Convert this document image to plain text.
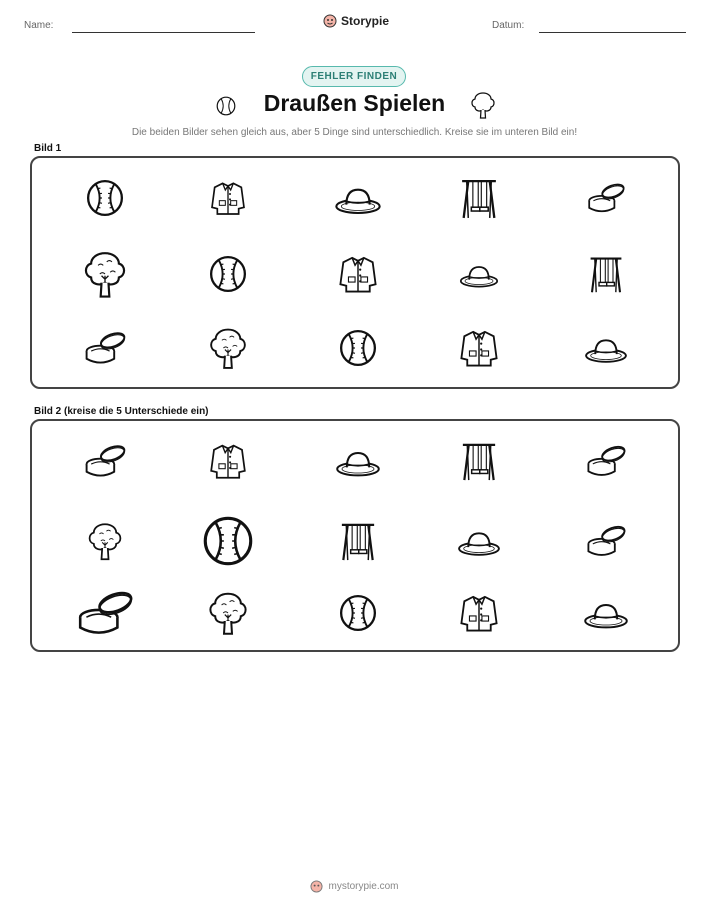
Name:	Storypie	Datum:
FEHLER FINDEN
Draußen Spielen
Die beiden Bilder sehen gleich aus, aber 5 Dinge sind unterschiedlich. Kreise sie im unteren Bild ein!
Bild 1
Bild 2 (kreise die 5 Unterschiede ein)
mystorypie.com
